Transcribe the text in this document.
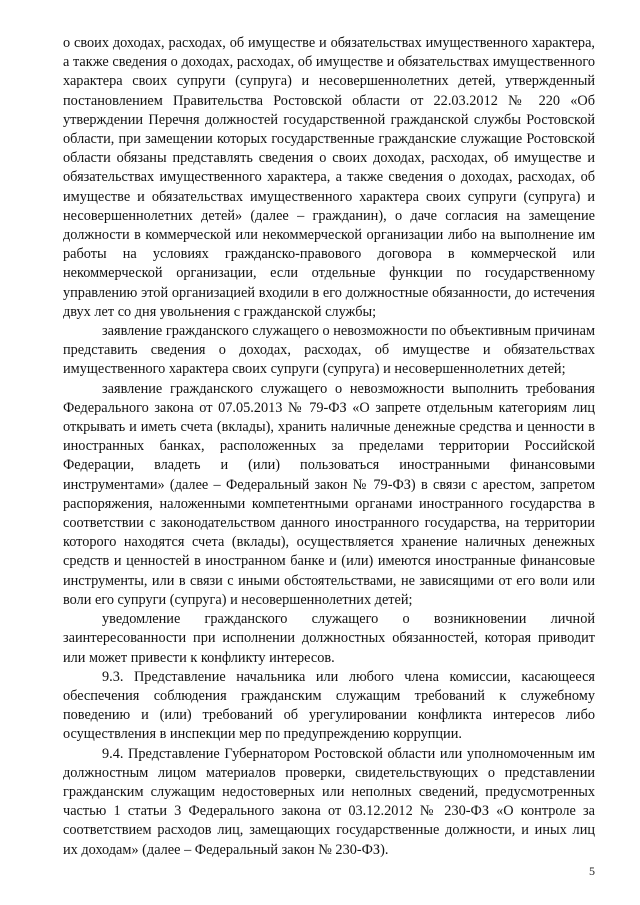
о своих доходах, расходах, об имуществе и обязательствах имущественного характера, а также сведения о доходах, расходах, об имуществе и обязательствах имущественного характера своих супруги (супруга) и несовершеннолетних детей, утвержденный постановлением Правительства Ростовской области от 22.03.2012 № 220 «Об утверждении Перечня должностей государственной гражданской службы Ростовской области, при замещении которых государственные гражданские служащие Ростовской области обязаны представлять сведения о своих доходах, расходах, об имуществе и обязательствах имущественного характера, а также сведения о доходах, расходах, об имуществе и обязательствах имущественного характера своих супруги (супруга) и несовершеннолетних детей» (далее – гражданин), о даче согласия на замещение должности в коммерческой или некоммерческой организации либо на выполнение им работы на условиях гражданско-правового договора в коммерческой или некоммерческой организации, если отдельные функции по государственному управлению этой организацией входили в его должностные обязанности, до истечения двух лет со дня увольнения с гражданской службы;

заявление гражданского служащего о невозможности по объективным причинам представить сведения о доходах, расходах, об имуществе и обязательствах имущественного характера своих супруги (супруга) и несовершеннолетних детей;

заявление гражданского служащего о невозможности выполнить требования Федерального закона от 07.05.2013 № 79-ФЗ «О запрете отдельным категориям лиц открывать и иметь счета (вклады), хранить наличные денежные средства и ценности в иностранных банках, расположенных за пределами территории Российской Федерации, владеть и (или) пользоваться иностранными финансовыми инструментами» (далее – Федеральный закон № 79-ФЗ) в связи с арестом, запретом распоряжения, наложенными компетентными органами иностранного государства в соответствии с законодательством данного иностранного государства, на территории которого находятся счета (вклады), осуществляется хранение наличных денежных средств и ценностей в иностранном банке и (или) имеются иностранные финансовые инструменты, или в связи с иными обстоятельствами, не зависящими от его воли или воли его супруги (супруга) и несовершеннолетних детей;

уведомление гражданского служащего о возникновении личной заинтересованности при исполнении должностных обязанностей, которая приводит или может привести к конфликту интересов.

9.3. Представление начальника или любого члена комиссии, касающееся обеспечения соблюдения гражданским служащим требований к служебному поведению и (или) требований об урегулировании конфликта интересов либо осуществления в инспекции мер по предупреждению коррупции.

9.4. Представление Губернатором Ростовской области или уполномоченным им должностным лицом материалов проверки, свидетельствующих о представлении гражданским служащим недостоверных или неполных сведений, предусмотренных частью 1 статьи 3 Федерального закона от 03.12.2012 № 230-ФЗ «О контроле за соответствием расходов лиц, замещающих государственные должности, и иных лиц их доходам» (далее – Федеральный закон № 230-ФЗ).

5
